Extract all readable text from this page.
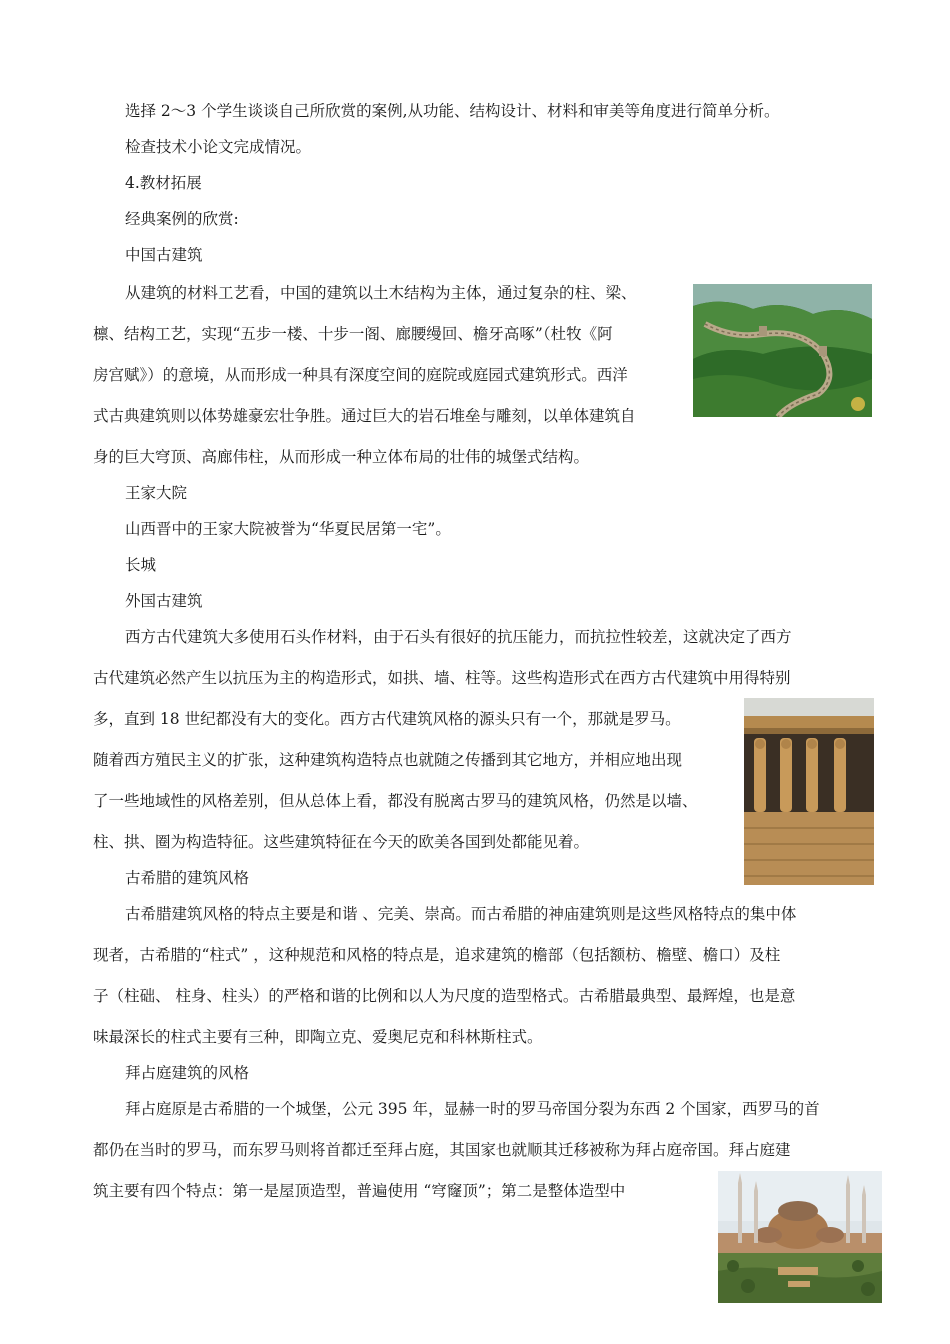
选择 2～3 个学生谈谈自己所欣赏的案例,从功能、结构设计、材料和审美等角度进行简单分析。
检查技术小论文完成情况。
4.教材拓展
经典案例的欣赏:
中国古建筑
从建筑的材料工艺看，中国的建筑以土木结构为主体，通过复杂的柱、梁、
檩、结构工艺，实现“五步一楼、十步一阁、廊腰缦回、檐牙高啄”（杜牧《阿
房宫赋》）的意境，从而形成一种具有深度空间的庭院或庭园式建筑形式。西洋
式古典建筑则以体势雄豪宏壮争胜。通过巨大的岩石堆垒与雕刻，以单体建筑自
身的巨大穹顶、高廊伟柱，从而形成一种立体布局的壮伟的城堡式结构。
王家大院
山西晋中的王家大院被誉为“华夏民居第一宅”。
长城
外国古建筑
西方古代建筑大多使用石头作材料，由于石头有很好的抗压能力，而抗拉性较差，这就决定了西方
古代建筑必然产生以抗压为主的构造形式，如拱、墙、柱等。这些构造形式在西方古代建筑中用得特别
多，直到 18 世纪都没有大的变化。西方古代建筑风格的源头只有一个，那就是罗马。
随着西方殖民主义的扩张，这种建筑构造特点也就随之传播到其它地方，并相应地出现
了一些地域性的风格差别，但从总体上看，都没有脱离古罗马的建筑风格，仍然是以墙、
柱、拱、圈为构造特征。这些建筑特征在今天的欧美各国到处都能见着。
古希腊的建筑风格
古希腊建筑风格的特点主要是和谐 、完美、崇高。而古希腊的神庙建筑则是这些风格特点的集中体
现者，古希腊的“柱式” ，这种规范和风格的特点是，追求建筑的檐部（包括额枋、檐壁、檐口）及柱
子（柱础、 柱身、柱头）的严格和谐的比例和以人为尺度的造型格式。古希腊最典型、最辉煌，也是意
味最深长的柱式主要有三种，即陶立克、爱奥尼克和科林斯柱式。
拜占庭建筑的风格
拜占庭原是古希腊的一个城堡，公元 395 年，显赫一时的罗马帝国分裂为东西 2 个国家，西罗马的首
都仍在当时的罗马，而东罗马则将首都迁至拜占庭，其国家也就顺其迁移被称为拜占庭帝国。拜占庭建
筑主要有四个特点：第一是屋顶造型，普遍使用 “穹窿顶”；第二是整体造型中
